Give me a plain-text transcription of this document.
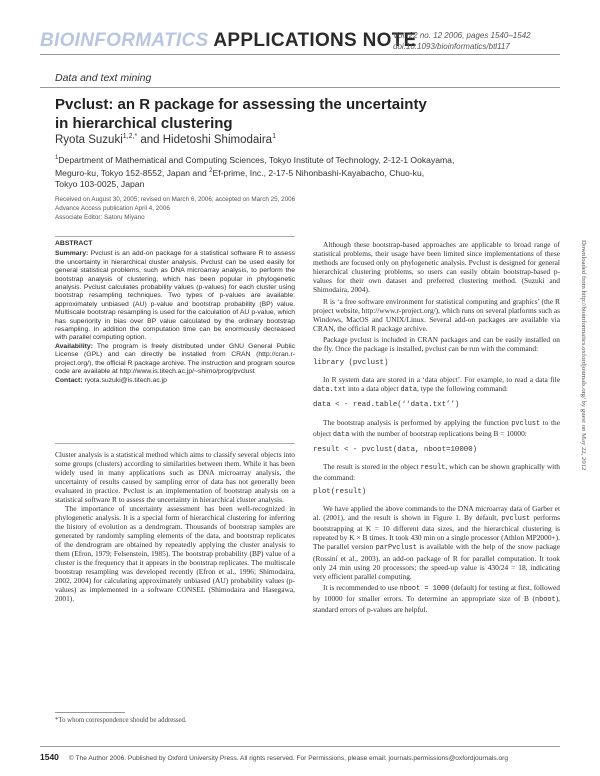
BIOINFORMATICS APPLICATIONS NOTE
Vol. 22 no. 12 2006, pages 1540–1542
doi:10.1093/bioinformatics/btl117
Data and text mining
Pvclust: an R package for assessing the uncertainty
in hierarchical clustering
Ryota Suzuki$^{1,2,*}$ and Hidetoshi Shimodaira$^1$
$^1$Department of Mathematical and Computing Sciences, Tokyo Institute of Technology, 2-12-1 Ookayama,
Meguro-ku, Tokyo 152-8552, Japan and $^2$Ef-prime, Inc., 2-17-5 Nihonbashi-Kayabacho, Chuo-ku,
Tokyo 103-0025, Japan
Received on August 30, 2005; revised on March 6, 2006; accepted on March 25, 2006
Advance Access publication April 4, 2006
Associate Editor: Satoru Miyano
ABSTRACT
Summary: Pvclust is an add-on package for a statistical software R to assess the uncertainty in hierarchical cluster analysis. Pvclust can be used easily for general statistical problems, such as DNA microarray analysis, to perform the bootstrap analysis of clustering, which has been popular in phylogenetic analysis. Pvclust calculates probability values (p-values) for each cluster using bootstrap resampling techniques. Two types of p-values are available: approximately unbiased (AU) p-value and bootstrap probability (BP) value. Multiscale bootstrap resampling is used for the calculation of AU p-value, which has superiority in bias over BP value calculated by the ordinary bootstrap resampling. In addition the computation time can be enormously decreased with parallel computing option.
Availability: The program is freely distributed under GNU General Public License (GPL) and can directly be installed from CRAN (http://cran.r-project.org/), the official R package archive. The instruction and program source code are available at http://www.is.titech.ac.jp/~shimo/prog/pvclust
Contact: ryota.suzuki@is.titech.ac.jp

Cluster analysis is a statistical method which aims to classify several objects into some groups (clusters) according to similarities between them. While it has been widely used in many applications such as DNA microarray analysis, the uncertainty of results caused by sampling error of data has not generally been evaluated in practice. Pvclust is an implementation of bootstrap analysis on a statistical software R to assess the uncertainty in hierarchical cluster analysis.

The importance of uncertainty assessment has been well-recognized in phylogenetic analysis. It is a special form of hierarchical clustering for inferring the history of evolution as a dendrogram. Thousands of bootstrap samples are generated by randomly sampling elements of the data, and bootstrap replicates of the dendrogram are obtained by repeatedly applying the cluster analysis to them (Efron, 1979; Felsenstein, 1985). The bootstrap probability (BP) value of a cluster is the frequency that it appears in the bootstrap replicates. The multiscale bootstrap resampling was developed recently (Efron et al., 1996; Shimodaira, 2002, 2004) for calculating approximately unbiased (AU) probability values (p-values) as implemented in a software CONSEL (Shimodaira and Hasegawa, 2001).

*To whom correspondence should be addressed.

Although these bootstrap-based approaches are applicable to broad range of statistical problems, their usage have been limited since implementations of these methods are focused only on phylogenetic analysis. Pvclust is designed for general hierarchical clustering problems, so users can easily obtain bootstrap-based p-values for their own dataset and preferred clustering method. (Suzuki and Shimodaira, 2004).

R is ‘a free software environment for statistical computing and graphics’ (the R project website, http://www.r-project.org/), which runs on several platforms such as Windows, MacOS and UNIX/Linux. Several add-on packages are available via CRAN, the official R package archive.

Package pvclust is included in CRAN packages and can be easily installed on the fly. Once the package is installed, pvclust can be run with the command:

library (pvclust)

In R system data are stored in a ‘data object’. For example, to read a data file data.txt into a data object data, type the following command:

data < - read.table(‘‘data.txt’’)

The bootstrap analysis is performed by applying the function pvclust to the object data with the number of bootstrap replications being B = 10000:

result < - pvclust(data, nboot=10000)

The result is stored in the object result, which can be shown graphically with the command:

plot(result)

We have applied the above commands to the DNA microarray data of Garber et al. (2001), and the result is shown in Figure 1. By default, pvclust performs bootstrapping at K = 10 different data sizes, and the hierarchical clustering is repeated by K × B times. It took 430 min on a single processor (Athlon MP2000+). The parallel version parPvclust is available with the help of the snow package (Rossini et al., 2003), an add-on package of R for parallel computation. It took only 24 min using 20 processors; the speed-up value is 430/24 = 18, indicating very efficient parallel computing.

It is recommended to use nboot = 1000 (default) for testing at first, followed by 10000 for smaller errors. To determine an appropriate size of B (nboot), standard errors of p-values are helpful.

Downloaded from http://bioinformatics.oxfordjournals.org/ by guest on May 22, 2012
1540 © The Author 2006. Published by Oxford University Press. All rights reserved. For Permissions, please email: journals.permissions@oxfordjournals.org
